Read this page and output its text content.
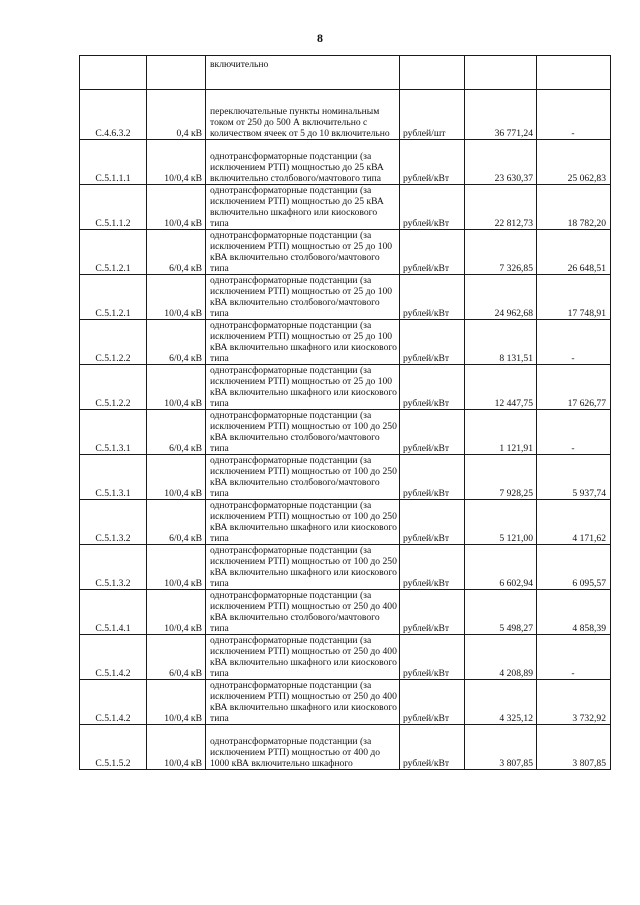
8
		включительно			
С.4.6.3.2	0,4 кВ	переключательные пункты номинальным током от 250 до 500 А включительно с количеством ячеек от 5 до 10 включительно	рублей/шт	36 771,24	-
С.5.1.1.1	10/0,4 кВ	однотрансформаторные подстанции (за исключением РТП) мощностью до 25 кВА включительно столбового/мачтового типа	рублей/кВт	23 630,37	25 062,83
С.5.1.1.2	10/0,4 кВ	однотрансформаторные подстанции (за исключением РТП) мощностью до 25 кВА включительно шкафного или киоскового типа	рублей/кВт	22 812,73	18 782,20
С.5.1.2.1	6/0,4 кВ	однотрансформаторные подстанции (за исключением РТП) мощностью от 25 до 100 кВА включительно столбового/мачтового типа	рублей/кВт	7 326,85	26 648,51
С.5.1.2.1	10/0,4 кВ	однотрансформаторные подстанции (за исключением РТП) мощностью от 25 до 100 кВА включительно столбового/мачтового типа	рублей/кВт	24 962,68	17 748,91
С.5.1.2.2	6/0,4 кВ	однотрансформаторные подстанции (за исключением РТП) мощностью от 25 до 100 кВА включительно шкафного или киоскового типа	рублей/кВт	8 131,51	-
С.5.1.2.2	10/0,4 кВ	однотрансформаторные подстанции (за исключением РТП) мощностью от 25 до 100 кВА включительно шкафного или киоскового типа	рублей/кВт	12 447,75	17 626,77
С.5.1.3.1	6/0,4 кВ	однотрансформаторные подстанции (за исключением РТП) мощностью от 100 до 250 кВА включительно столбового/мачтового типа	рублей/кВт	1 121,91	-
С.5.1.3.1	10/0,4 кВ	однотрансформаторные подстанции (за исключением РТП) мощностью от 100 до 250 кВА включительно столбового/мачтового типа	рублей/кВт	7 928,25	5 937,74
С.5.1.3.2	6/0,4 кВ	однотрансформаторные подстанции (за исключением РТП) мощностью от 100 до 250 кВА включительно шкафного или киоскового типа	рублей/кВт	5 121,00	4 171,62
С.5.1.3.2	10/0,4 кВ	однотрансформаторные подстанции (за исключением РТП) мощностью от 100 до 250 кВА включительно шкафного или киоскового типа	рублей/кВт	6 602,94	6 095,57
С.5.1.4.1	10/0,4 кВ	однотрансформаторные подстанции (за исключением РТП) мощностью от 250 до 400 кВА включительно столбового/мачтового типа	рублей/кВт	5 498,27	4 858,39
С.5.1.4.2	6/0,4 кВ	однотрансформаторные подстанции (за исключением РТП) мощностью от 250 до 400 кВА включительно шкафного или киоскового типа	рублей/кВт	4 208,89	-
С.5.1.4.2	10/0,4 кВ	однотрансформаторные подстанции (за исключением РТП) мощностью от 250 до 400 кВА включительно шкафного или киоскового типа	рублей/кВт	4 325,12	3 732,92
С.5.1.5.2	10/0,4 кВ	однотрансформаторные подстанции (за исключением РТП) мощностью от 400 до 1000 кВА включительно шкафного	рублей/кВт	3 807,85	3 807,85
